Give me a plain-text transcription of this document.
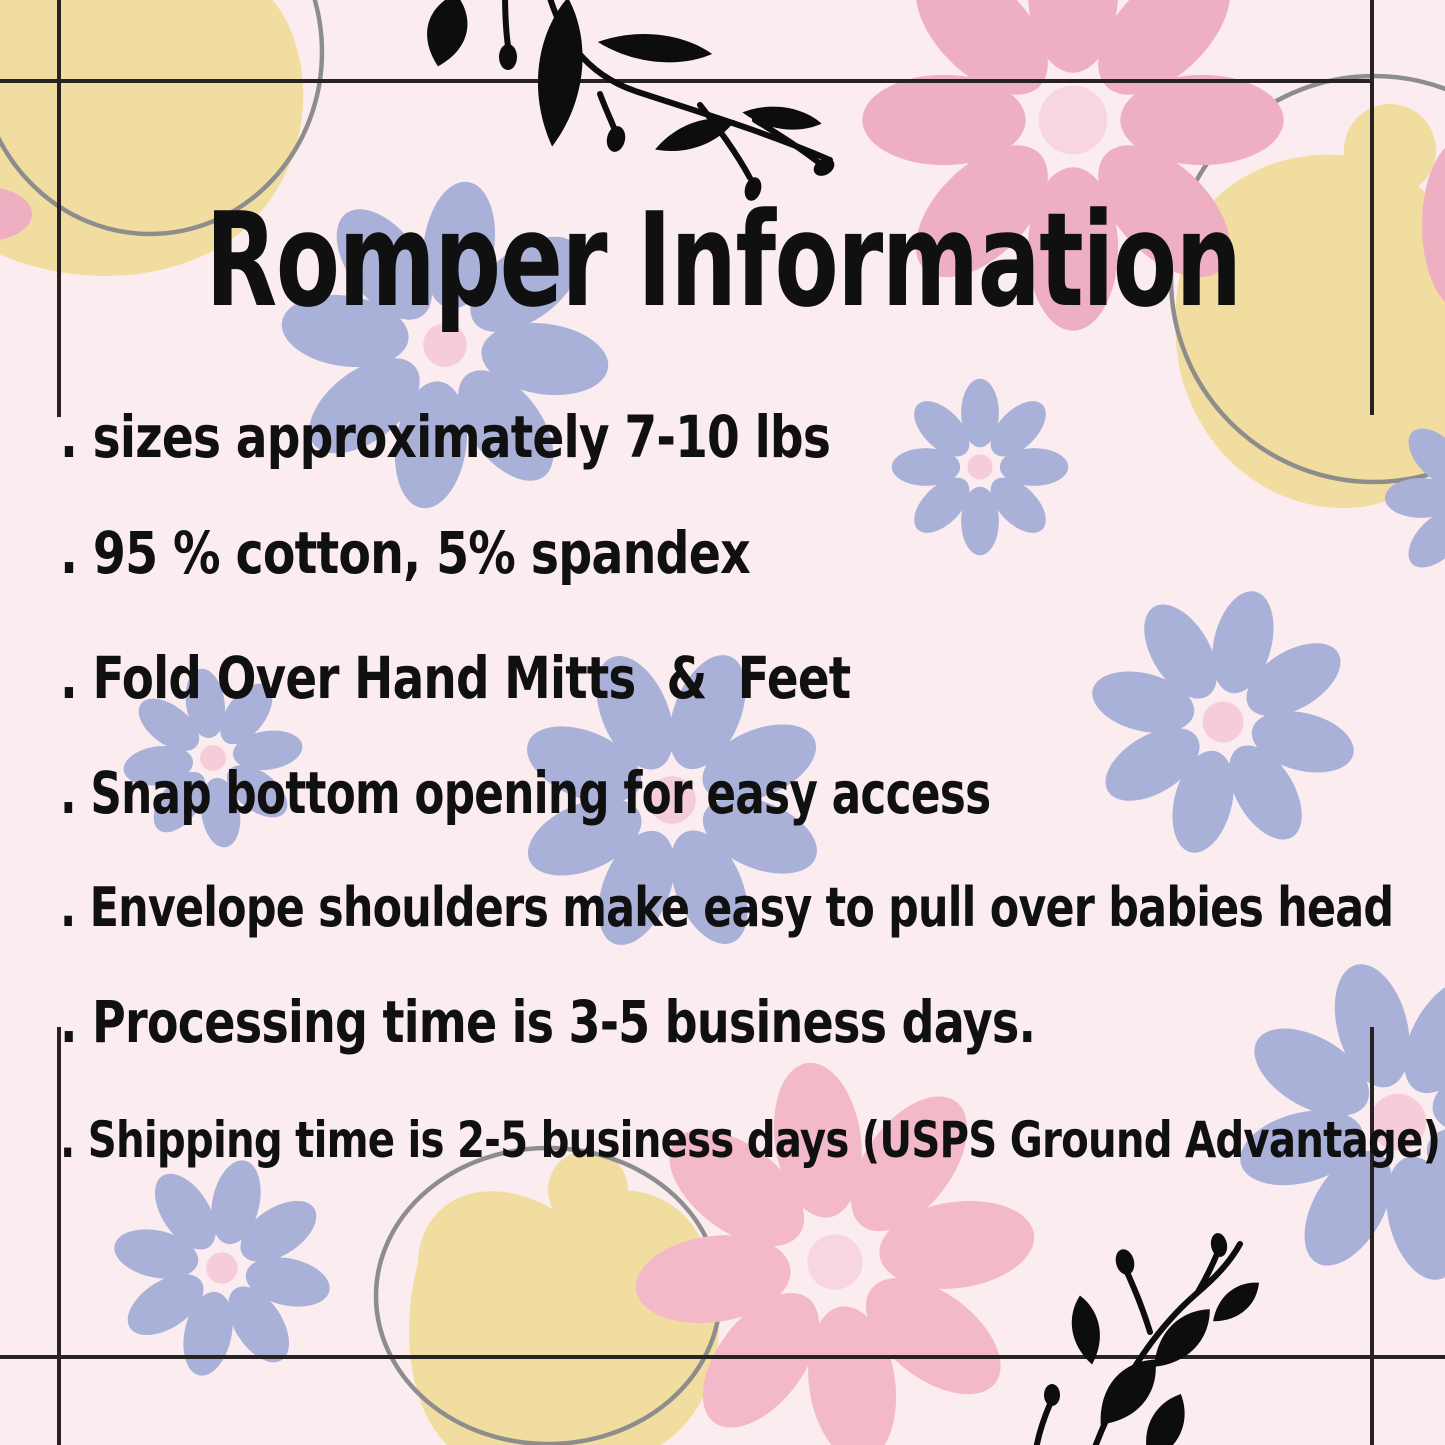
Romper Information
. sizes approximately 7-10 lbs
. 95 % cotton, 5% spandex
. Fold Over Hand Mitts  &  Feet
. Snap bottom opening for easy access
. Envelope shoulders make easy to pull over babies head
. Processing time is 3-5 business days.
. Shipping time is 2-5 business days (USPS Ground Advantage)
